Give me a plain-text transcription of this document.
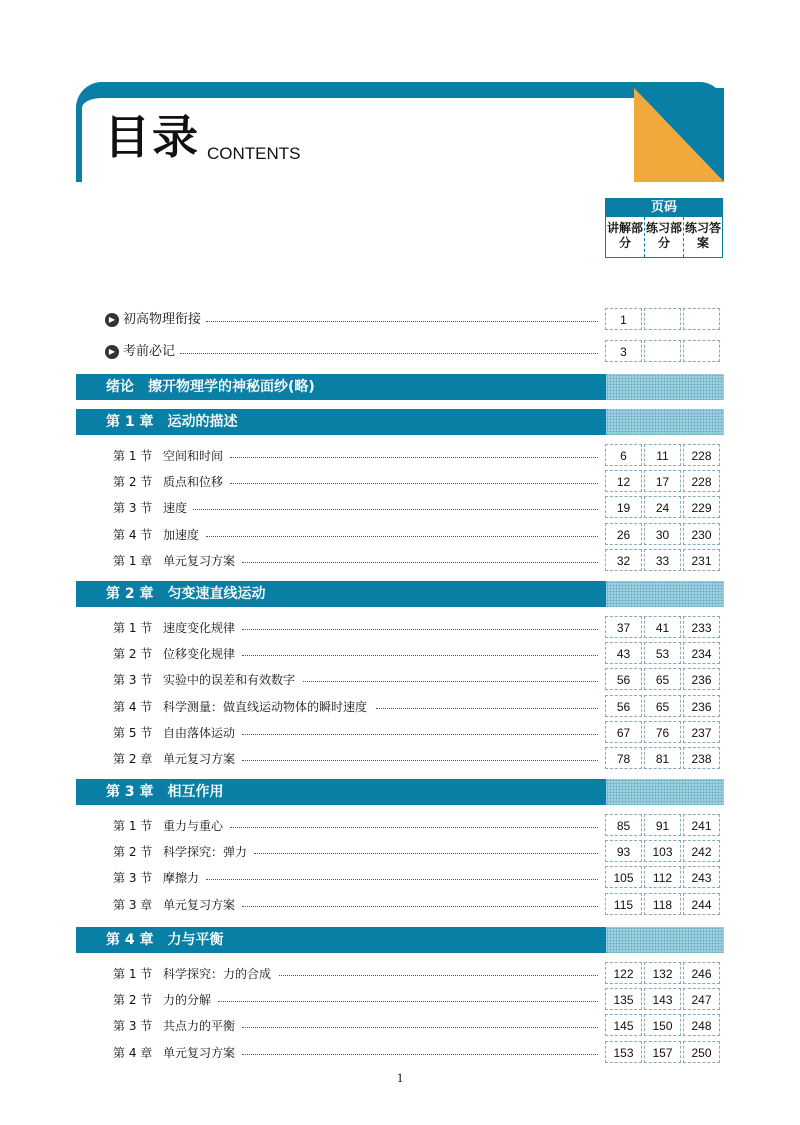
目录 CONTENTS
页码
讲解部分
练习部分
练习答案
▶ 初高物理衔接	1
▶ 考前必记	3
绪论　擦开物理学的神秘面纱(略)
第 1 章　运动的描述
第 1 节 空间和时间	6	11	228
第 2 节 质点和位移	12	17	228
第 3 节 速度	19	24	229
第 4 节 加速度	26	30	230
第 1 章 单元复习方案	32	33	231
第 2 章　匀变速直线运动
第 1 节 速度变化规律	37	41	233
第 2 节 位移变化规律	43	53	234
第 3 节 实验中的误差和有效数字	56	65	236
第 4 节 科学测量：做直线运动物体的瞬时速度	56	65	236
第 5 节 自由落体运动	67	76	237
第 2 章 单元复习方案	78	81	238
第 3 章　相互作用
第 1 节 重力与重心	85	91	241
第 2 节 科学探究：弹力	93	103	242
第 3 节 摩擦力	105	112	243
第 3 章 单元复习方案	115	118	244
第 4 章　力与平衡
第 1 节 科学探究：力的合成	122	132	246
第 2 节 力的分解	135	143	247
第 3 节 共点力的平衡	145	150	248
第 4 章 单元复习方案	153	157	250
1
